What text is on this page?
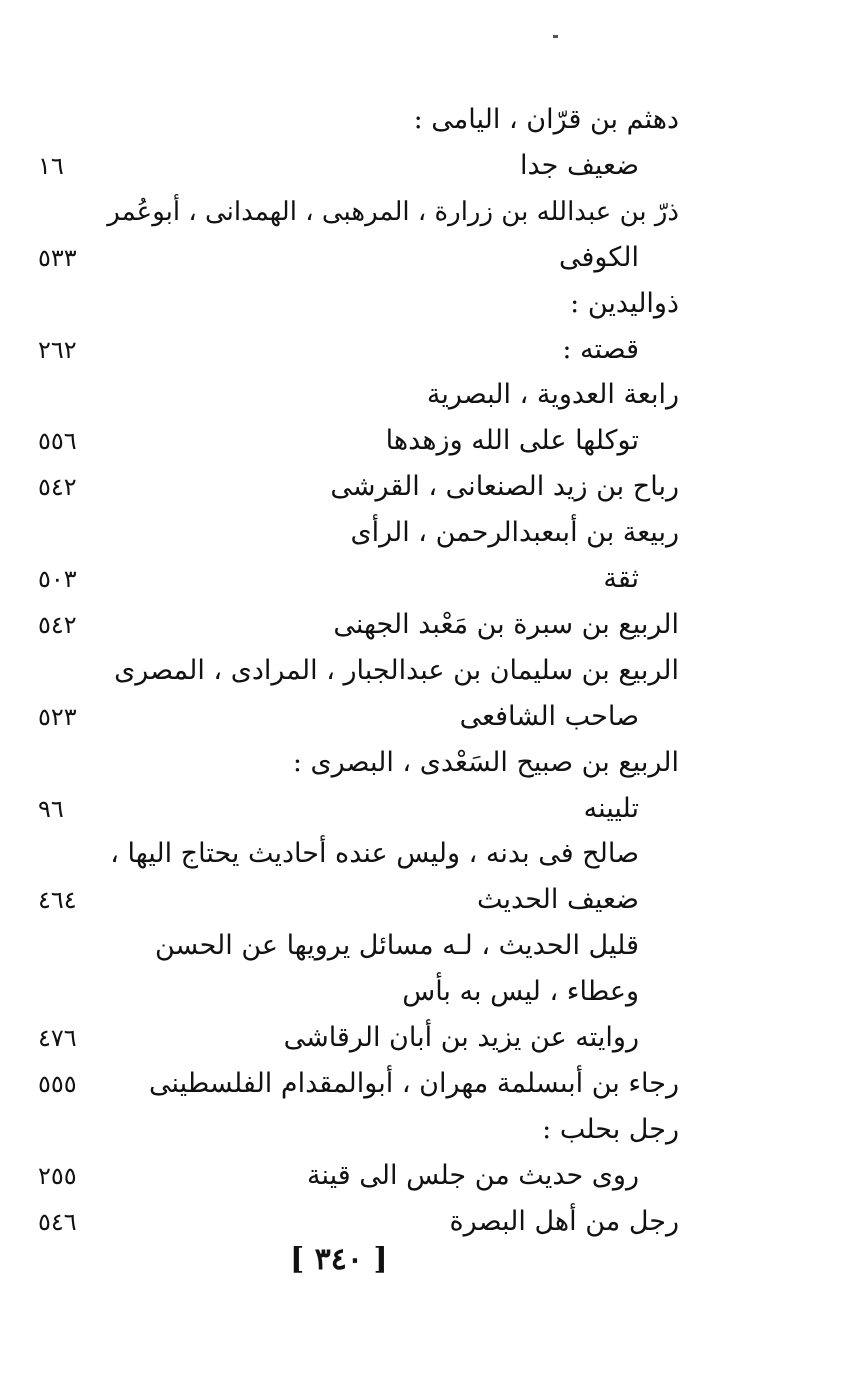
دهثم بن قرّان ، اليامى :
ضعيف جدا
١٦
ذرّ بن عبدالله بن زرارة ، المرهبى ، الهمدانى ، أبوعُمر
الكوفى
٥٣٣
ذواليدين :
قصته :
٢٦٢
رابعة العدوية ، البصرية
توكلها على الله وزهدها
٥٥٦
رباح بن زيد الصنعانى ، القرشى
٥٤٢
ربيعة بن أبىعبدالرحمن ، الرأى
ثقة
٥٠٣
الربيع بن سبرة بن مَعْبد الجهنى
٥٤٢
الربيع بن سليمان بن عبدالجبار ، المرادى ، المصرى
صاحب الشافعى
٥٢٣
الربيع بن صبيح السَعْدى ، البصرى :
تليينه
٩٦
صالح فى بدنه ، وليس عنده أحاديث يحتاج اليها ،
ضعيف الحديث
٤٦٤
قليل الحديث ، لـه مسائل يرويها عن الحسن
وعطاء ، ليس به بأس
روايته عن يزيد بن أبان الرقاشى
٤٧٦
رجاء بن أبىسلمة مهران ، أبوالمقدام الفلسطينى
٥٥٥
رجل بحلب :
روى حديث من جلس الى قينة
٢٥٥
رجل من أهل البصرة
٥٤٦
[ ٣٤٠ ]
